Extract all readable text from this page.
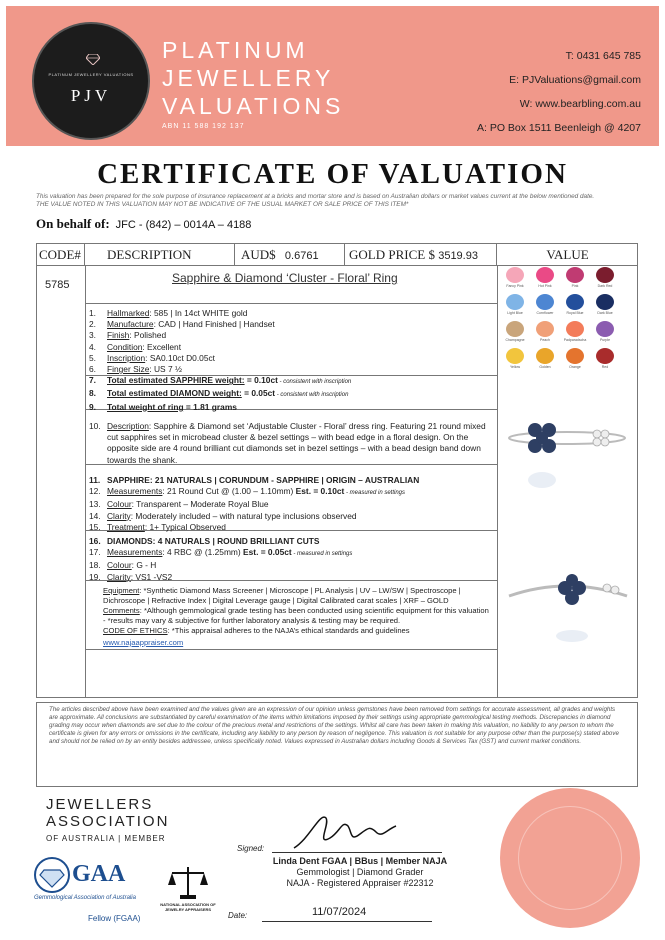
PLATINUM JEWELLERY VALUATIONS
PJV
PLATINUM
JEWELLERY
VALUATIONS
ABN 11 588 192 137
T: 0431 645 785
E: PJValuations@gmail.com
W: www.bearbling.com.au
A: PO Box 1511 Beenleigh @ 4207
CERTIFICATE OF VALUATION
This valuation has been prepared for the sole purpose of insurance replacement at a bricks and mortar store and is based on Australian dollars or market values current at the below mentioned date.
THE VALUE NOTED IN THIS VALUATION MAY NOT BE INDICATIVE OF THE USUAL MARKET OR SALE PRICE OF THIS ITEM*
On behalf of: JFC - (842) – 0014A – 4188
CODE#	DESCRIPTION	AUD$ 0.6761	GOLD PRICE $ 3519.93	VALUE
5785	Sapphire & Diamond ‘Cluster - Floral’ Ring
1. Hallmarked: 585 | In 14ct WHITE gold
2. Manufacture: CAD | Hand Finished | Handset
3. Finish: Polished
4. Condition: Excellent
5. Inscription: SA0.10ct D0.05ct
6. Finger Size: US 7 ½
7. Total estimated SAPPHIRE weight: = 0.10ct - consistent with inscription
8. Total estimated DIAMOND weight: = 0.05ct - consistent with inscription
9. Total weight of ring = 1.81 grams
10. Description: Sapphire & Diamond set ‘Adjustable Cluster - Floral’ dress ring. Featuring 21 round mixed cut sapphires set in microbead cluster & bezel settings – with bead edge in a floral design. On the opposite side are 4 round brilliant cut diamonds set in bezel settings – with a bead design band down towards the shank.
11. SAPPHIRE: 21 NATURALS | CORUNDUM - SAPPHIRE | ORIGIN – AUSTRALIAN
12. Measurements: 21 Round Cut @ (1.00 – 1.10mm) Est. = 0.10ct - measured in settings
13. Colour: Transparent – Moderate Royal Blue
14. Clarity: Moderately included – with natural type inclusions observed
15. Treatment: 1+ Typical Observed
16. DIAMONDS: 4 NATURALS | ROUND BRILLIANT CUTS
17. Measurements: 4 RBC @ (1.25mm) Est. = 0.05ct - measured in settings
18. Colour: G - H
19. Clarity: VS1 -VS2
Equipment: *Synthetic Diamond Mass Screener | Microscope | PL Analysis | UV – LW/SW | Spectroscope | Dichroscope | Refractive Index | Digital Leverage gauge | Digital Calibrated carat scales | XRF – GOLD
Comments: *Although gemmological grade testing has been conducted using scientific equipment for this valuation - *results may vary & subjective for further laboratory analysis & testing may be required.
CODE OF ETHICS: *This appraisal adheres to the NAJA’s ethical standards and guidelines
www.najaappraiser.com
Fancy Pink	Hot Pink	Pink	Dark Red
Light Blue	Cornflower	Royal Blue	Dark Blue
Champagne	Peach	Padparadscha	Purple
Yellow	Golden	Orange	Red
The articles described above have been examined and the values given are an expression of our opinion unless gemstones have been removed from settings for accurate assessment, all grades and weights are approximate. All conclusions are substantiated by careful examination of the items within limitations imposed by their settings using appropriate gemmological testing methods. Discrepancies in diamond grading may occur when diamonds are set due to the colour of the precious metal and restrictions of the settings. Whilst all care has been taken in making this valuation, no liability to any person to whom the certificate is given for any errors or omissions in the certificate, including any liability to any person by reason of negligence. This valuation is not suitable for any purpose other than the purpose(s) stated above and should not be relied on by an entity besides addressee, unless specifically noted. Values expressed in Australian dollars including Goods & Services Tax (GST) and current market conditions.
JEWELLERS
ASSOCIATION
OF AUSTRALIA | MEMBER
GAA
Gemmological Association of Australia
Fellow (FGAA)
NATIONAL ASSOCIATION OF JEWELRY APPRAISERS
Signed:
Linda Dent FGAA | BBus | Member NAJA
Gemmologist | Diamond Grader
NAJA - Registered Appraiser #22312
Date:	11/07/2024
